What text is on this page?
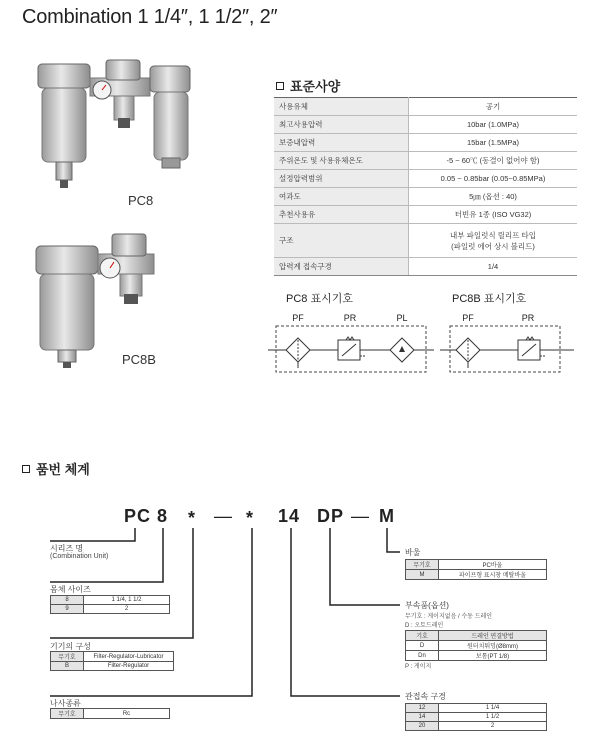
Combination 1 1/4″, 1 1/2″, 2″
PC8
PC8B
표준사양
사용유체	공기
최고사용압력	10bar (1.0MPa)
보증내압력	15bar (1.5MPa)
주위온도 및 사용유체온도	-5 ~ 60℃ (동결이 없어야 함)
설정압력범위	0.05 ~ 0.85bar (0.05~0.85MPa)
여과도	5㎛ (옵션 : 40)
추천사용유	터빈유 1종 (ISO VG32)
구조	내부 파일럿식 릴리프 타입
(파일럿 에어 상시 블리드)

압력계 접속구경	1/4
PC8 표시기호	PC8B 표시기호
PF	PR	PL	PF	PR
품번 체계
PC 8 * — * 14 DP — M
시리즈 명
(Combination Unit)
몸체 사이즈
8	1 1/4, 1 1/2
9	2
기기의 구성
무기호	Filter-Regulator-Lubricator
B	Filter-Regulator
나사종류
무기호	Rc
바울
무기호	PC바울
M	파이프형 표시창 메탈바울
부속품(옵션)
무기호 : 게이지없음 / 수동 드레인
D : 오토드레인
기호	드레인 연결방법
D	원터치튀밍(Ø8mm)
Dn	보톰(PT 1/8)
P : 게이지
관접속 구경
12	1 1/4
14	1 1/2
20	2
